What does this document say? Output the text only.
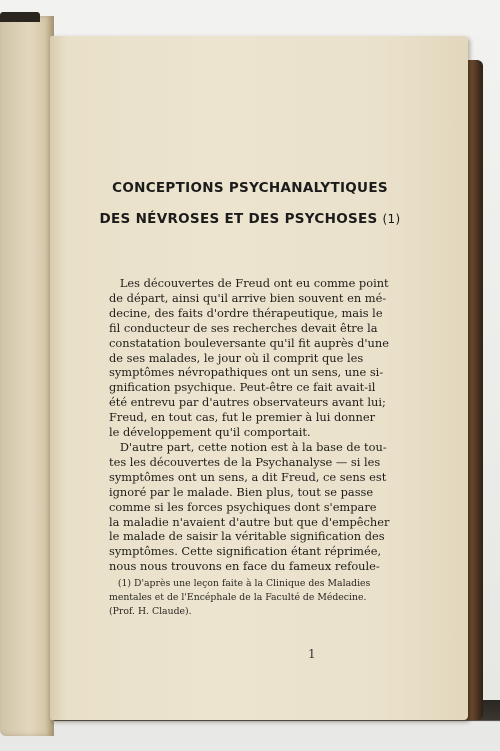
CONCEPTIONS PSYCHANALYTIQUES
DES NÉVROSES ET DES PSYCHOSES (1)
Les découvertes de Freud ont eu comme point
de départ, ainsi qu'il arrive bien souvent en mé-
decine, des faits d'ordre thérapeutique, mais le
fil conducteur de ses recherches devait être la
constatation bouleversante qu'il fit auprès d'une
de ses malades, le jour où il comprit que les
symptômes névropathiques ont un sens, une si-
gnification psychique. Peut-être ce fait avait-il
été entrevu par d'autres observateurs avant lui;
Freud, en tout cas, fut le premier à lui donner
le développement qu'il comportait.
D'autre part, cette notion est à la base de tou-
tes les découvertes de la Psychanalyse — si les
symptômes ont un sens, a dit Freud, ce sens est
ignoré par le malade. Bien plus, tout se passe
comme si les forces psychiques dont s'empare
la maladie n'avaient d'autre but que d'empêcher
le malade de saisir la véritable signification des
symptômes. Cette signification étant réprimée,
nous nous trouvons en face du fameux refoule-
(1) D'après une leçon faite à la Clinique des Maladies
mentales et de l'Encéphale de la Faculté de Médecine.
(Prof. H. Claude).
1
